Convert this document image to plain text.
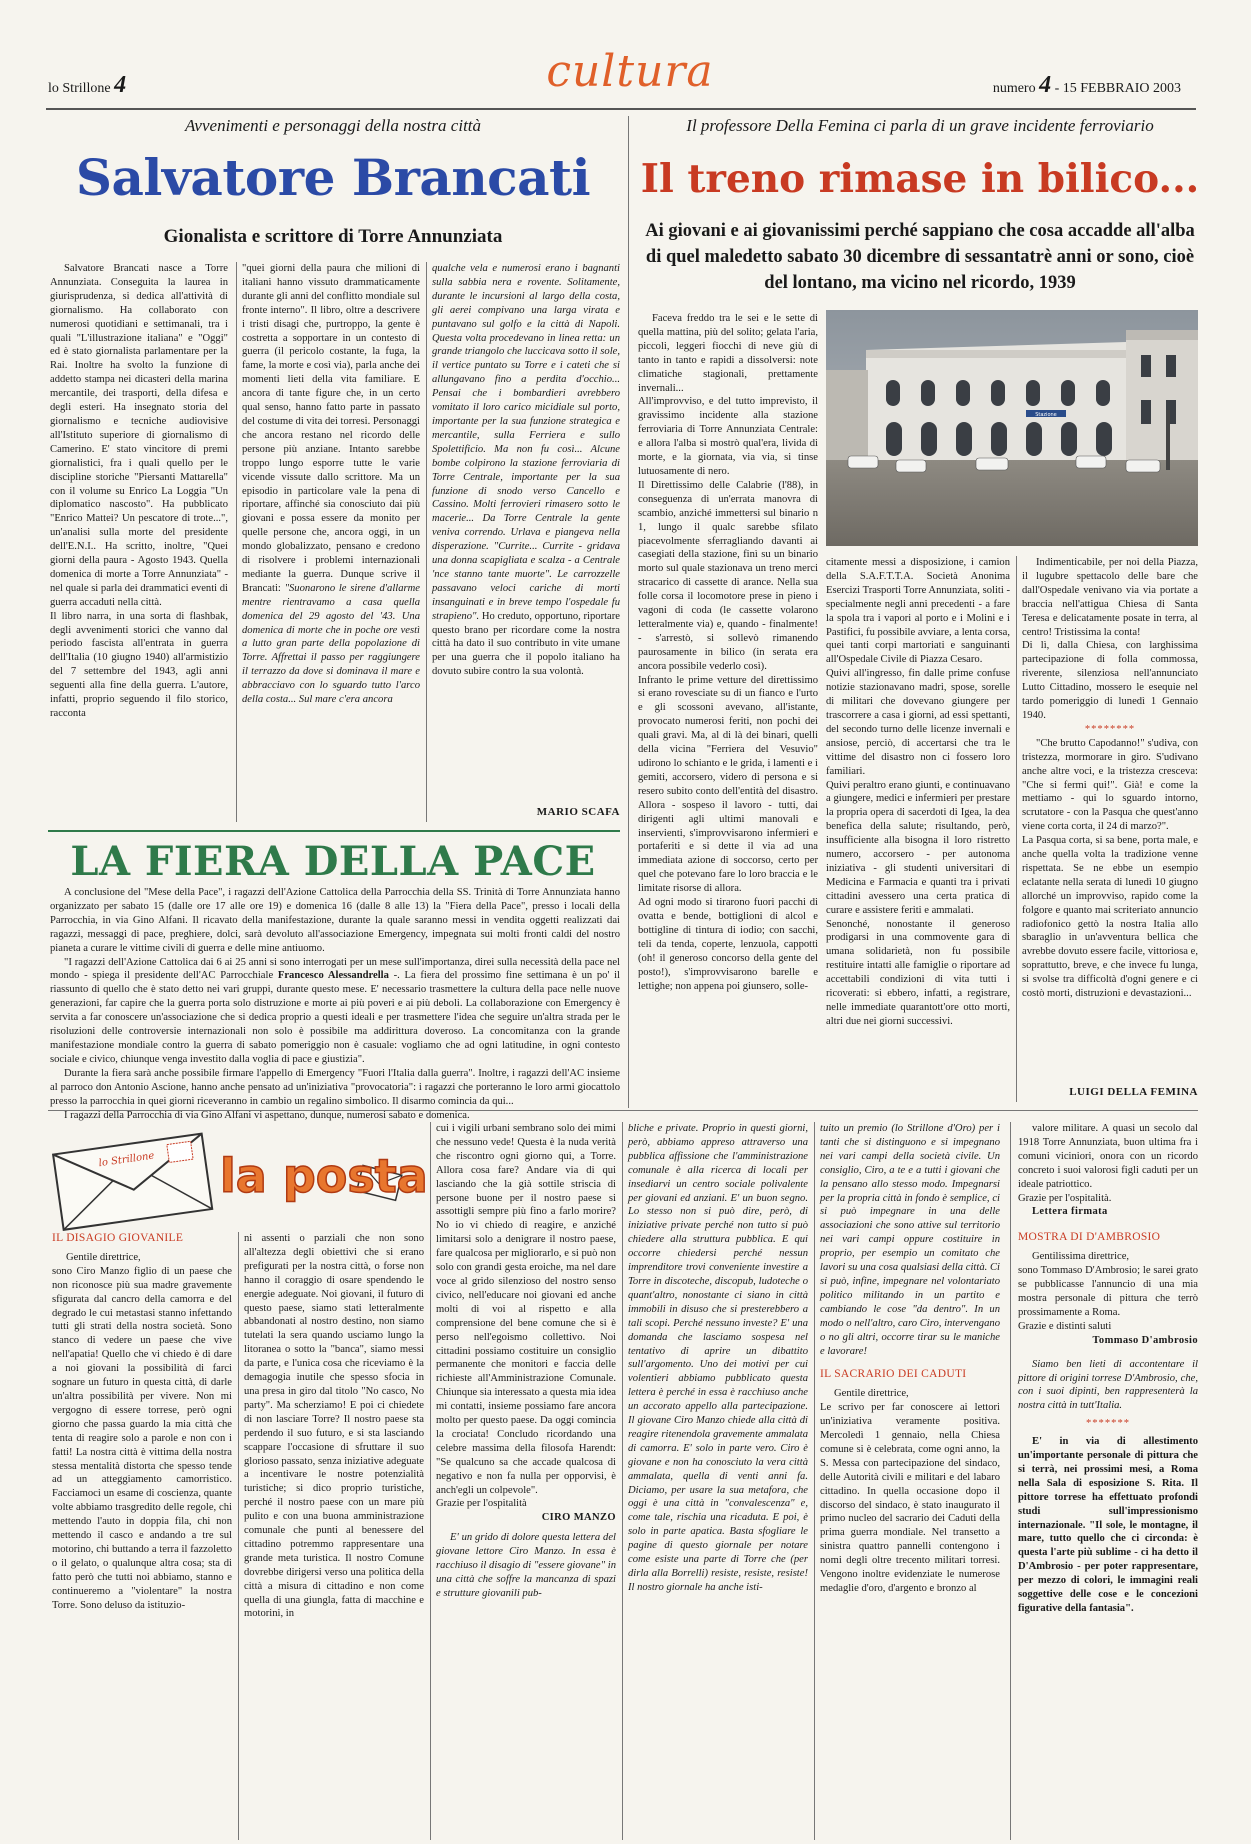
lo Strillone 4	cultura	numero 4 - 15 FEBBRAIO 2003
Avvenimenti e personaggi della nostra città
Salvatore Brancati
Gionalista e scrittore di Torre Annunziata
Salvatore Brancati nasce a Torre Annunziata. Conseguita la laurea in giurisprudenza, si dedica all'attività di giornalismo. Ha collaborato con numerosi quotidiani e settimanali, tra i quali "L'illustrazione italiana" e "Oggi" ed è stato giornalista parlamentare per la Rai. Inoltre ha svolto la funzione di addetto stampa nei dicasteri della marina mercantile, dei trasporti, della difesa e degli esteri. Ha insegnato storia del giornalismo e tecniche audiovisive all'Istituto superiore di giornalismo di Camerino. E' stato vincitore di premi giornalistici, fra i quali quello per le discipline storiche "Piersanti Mattarella" con il volume su Enrico La Loggia "Un diplomatico nascosto". Ha pubblicato "Enrico Mattei? Un pescatore di trote...", un'analisi sulla morte del presidente dell'E.N.I.. Ha scritto, inoltre, "Quei giorni della paura - Agosto 1943. Quella domenica di morte a Torre Annunziata" - nel quale si parla dei drammatici eventi di guerra accaduti nella città.
Il libro narra, in una sorta di flashbak, degli avvenimenti storici che vanno dal periodo fascista all'entrata in guerra dell'Italia (10 giugno 1940) all'armistizio del 7 settembre del 1943, agli anni seguenti alla fine della guerra. L'autore, infatti, proprio seguendo il filo storico, racconta
"quei giorni della paura che milioni di italiani hanno vissuto drammaticamente durante gli anni del conflitto mondiale sul fronte interno". Il libro, oltre a descrivere i tristi disagi che, purtroppo, la gente è costretta a sopportare in un contesto di guerra (il pericolo costante, la fuga, la fame, la morte e così via), parla anche dei momenti lieti della vita familiare. E ancora di tante figure che, in un certo qual senso, hanno fatto parte in passato del costume di vita dei torresi. Personaggi che ancora restano nel ricordo delle persone più anziane. Intanto sarebbe troppo lungo esporre tutte le varie vicende vissute dallo scrittore. Ma un episodio in particolare vale la pena di riportare, affinché sia conosciuto dai più giovani e possa essere da monito per quelle persone che, ancora oggi, in un mondo globalizzato, pensano e credono di risolvere i problemi internazionali mediante la guerra. Dunque scrive il Brancati: "Suonarono le sirene d'allarme mentre rientravamo a casa quella domenica del 29 agosto del '43. Una domenica di morte che in poche ore vestì a lutto gran parte della popolazione di Torre. Affrettai il passo per raggiungere il terrazzo da dove si dominava il mare e abbracciavo con lo sguardo tutto l'arco della costa... Sul mare c'era ancora
qualche vela e numerosi erano i bagnanti sulla sabbia nera e rovente. Solitamente, durante le incursioni al largo della costa, gli aerei compivano una larga virata e puntavano sul golfo e la città di Napoli. Questa volta procedevano in linea retta: un grande triangolo che luccicava sotto il sole, il vertice puntato su Torre e i cateti che si allungavano fino a perdita d'occhio... Pensai che i bombardieri avrebbero vomitato il loro carico micidiale sul porto, importante per la sua funzione strategica e mercantile, sulla Ferriera e sullo Spolettificio. Ma non fu così... Alcune bombe colpirono la stazione ferroviaria di Torre Centrale, importante per la sua funzione di snodo verso Cancello e Cassino. Molti ferrovieri rimasero sotto le macerie... Da Torre Centrale la gente veniva correndo. Urlava e piangeva nella disperazione. "Currite... Currite - gridava una donna scapigliata e scalza - a Centrale 'nce stanno tante muorte". Le carrozzelle passavano veloci cariche di morti insanguinati e in breve tempo l'ospedale fu strapieno". Ho creduto, opportuno, riportare questo brano per ricordare come la nostra città ha dato il suo contributo in vite umane per una guerra che il popolo italiano ha dovuto subire contro la sua volontà.
MARIO SCAFA
LA FIERA DELLA PACE
A conclusione del "Mese della Pace", i ragazzi dell'Azione Cattolica della Parrocchia della SS. Trinità di Torre Annunziata hanno organizzato per sabato 15 (dalle ore 17 alle ore 19) e domenica 16 (dalle 8 alle 13) la "Fiera della Pace", presso i locali della Parrocchia, in via Gino Alfani. Il ricavato della manifestazione, durante la quale saranno messi in vendita oggetti realizzati dai ragazzi, messaggi di pace, preghiere, dolci, sarà devoluto all'associazione Emergency, impegnata sui molti fronti caldi del nostro pianeta a curare le vittime civili di guerra e delle mine antiuomo.
"I ragazzi dell'Azione Cattolica dai 6 ai 25 anni si sono interrogati per un mese sull'importanza, direi sulla necessità della pace nel mondo - spiega il presidente dell'AC Parrocchiale Francesco Alessandrella -. La fiera del prossimo fine settimana è un po' il riassunto di quello che è stato detto nei vari gruppi, durante questo mese. E' necessario trasmettere la cultura della pace nelle nuove generazioni, far capire che la guerra porta solo distruzione e morte ai più poveri e ai più deboli. La collaborazione con Emergency è servita a far conoscere un'associazione che si dedica proprio a questi ideali e per trasmettere l'idea che seguire un'altra strada per le risoluzioni delle controversie internazionali non solo è possibile ma addirittura doveroso. La concomitanza con la grande manifestazione mondiale contro la guerra di sabato pomeriggio non è casuale: vogliamo che ad ogni latitudine, in ogni contesto sociale e civico, chiunque venga investito dalla voglia di pace e giustizia".
Durante la fiera sarà anche possibile firmare l'appello di Emergency "Fuori l'Italia dalla guerra". Inoltre, i ragazzi dell'AC insieme al parroco don Antonio Ascione, hanno anche pensato ad un'iniziativa "provocatoria": i ragazzi che porteranno le loro armi giocattolo presso la parrocchia in quei giorni riceveranno in cambio un regalino simbolico. Il disarmo comincia da qui...
I ragazzi della Parrocchia di via Gino Alfani vi aspettano, dunque, numerosi sabato e domenica.
Il professore Della Femina ci parla di un grave incidente ferroviario
Il treno rimase in bilico...
Ai giovani e ai giovanissimi perché sappiano che cosa accadde all'alba di quel maledetto sabato 30 dicembre di sessantatrè anni or sono, cioè del lontano, ma vicino nel ricordo, 1939
Stazione
Faceva freddo tra le sei e le sette di quella mattina, più del solito; gelata l'aria, piccoli, leggeri fiocchi di neve giù di tanto in tanto e rapidi a dissolversi: note climatiche stagionali, prettamente invernali...
All'improvviso, e del tutto imprevisto, il gravissimo incidente alla stazione ferroviaria di Torre Annunziata Centrale: e allora l'alba si mostrò qual'era, livida di morte, e la giornata, via via, si tinse lutuosamente di nero.
Il Direttissimo delle Calabrie (l'88), in conseguenza di un'errata manovra di scambio, anziché immettersi sul binario n 1, lungo il qualc sarebbe sfilato piacevolmente sferragliando davanti ai casegiati della stazione, finì su un binario morto sul quale stazionava un treno merci stracarico di cassette di arance. Nella sua folle corsa il locomotore prese in pieno i vagoni di coda (le cassette volarono letteralmente via) e, quando - finalmente! - s'arrestò, si sollevò rimanendo paurosamente in bilico (in serata era ancora possibile vederlo così).
Infranto le prime vetture del direttissimo si erano rovesciate su di un fianco e l'urto e gli scossoni avevano, all'istante, provocato numerosi feriti, non pochi dei quali gravi. Ma, al di là dei binari, quelli della vicina "Ferriera del Vesuvio" udirono lo schianto e le grida, i lamenti e i gemiti, accorsero, videro di persona e si resero subito conto dell'entità del disastro. Allora - sospeso il lavoro - tutti, dai dirigenti agli ultimi manovali e inservienti, s'improvvisarono infermieri e portaferiti e si dette il via ad una immediata azione di soccorso, certo per quel che potevano fare lo loro braccia e le limitate risorse di allora.
Ad ogni modo si tirarono fuori pacchi di ovatta e bende, bottiglioni di alcol e bottigline di tintura di iodio; con sacchi, teli da tenda, coperte, lenzuola, cappotti (oh! il generoso concorso della gente del posto!), s'improvvisarono barelle e lettighe; non appena poi giunsero, solle-
citamente messi a disposizione, i camion della S.A.F.T.T.A. Società Anonima Esercizi Trasporti Torre Annunziata, soliti - specialmente negli anni precedenti - a fare la spola tra i vapori al porto e i Molini e i Pastifici, fu possibile avviare, a lenta corsa, quei tanti corpi martoriati e sanguinanti all'Ospedale Civile di Piazza Cesaro.
Quivi all'ingresso, fin dalle prime confuse notizie stazionavano madri, spose, sorelle di militari che dovevano giungere per trascorrere a casa i giorni, ad essi spettanti, del secondo turno delle licenze invernali e ansiose, perciò, di accertarsi che tra le vittime del disastro non ci fossero loro familiari.
Quivi peraltro erano giunti, e continuavano a giungere, medici e infermieri per prestare la propria opera di sacerdoti di Igea, la dea benefica della salute; risultando, però, insufficiente alla bisogna il loro ristretto numero, accorsero - per autonoma iniziativa - gli studenti universitari di Medicina e Farmacia e quanti tra i privati cittadini avessero una certa pratica di curare e assistere feriti e ammalati.
Senonché, nonostante il generoso prodigarsi in una commovente gara di umana solidarietà, non fu possibile restituire intatti alle famiglie o riportare ad accettabili condizioni di vita tutti i ricoverati: si ebbero, infatti, a registrare, nelle immediate quarantott'ore otto morti, altri due nei giorni successivi.
Indimenticabile, per noi della Piazza, il lugubre spettacolo delle bare che dall'Ospedale venivano via via portate a braccia nell'attigua Chiesa di Santa Teresa e delicatamente posate in terra, al centro! Tristissima la conta!
Di lì, dalla Chiesa, con larghissima partecipazione di folla commossa, riverente, silenziosa nell'annunciato Lutto Cittadino, mossero le esequie nel tardo pomeriggio di lunedì 1 Gennaio 1940.
********
"Che brutto Capodanno!" s'udiva, con tristezza, mormorare in giro. S'udivano anche altre voci, e la tristezza cresceva: "Che si fermi qui!". Già! e come la mettiamo - qui lo sguardo intorno, scrutatore - con la Pasqua che quest'anno viene corta corta, il 24 di marzo?".
La Pasqua corta, si sa bene, porta male, e anche quella volta la tradizione venne rispettata. Se ne ebbe un esempio eclatante nella serata di lunedì 10 giugno allorché un improvviso, rapido come la folgore e quanto mai scriteriato annuncio radiofonico gettò la nostra Italia allo sbaraglio in un'avventura bellica che avrebbe dovuto essere facile, vittoriosa e, soprattutto, breve, e che invece fu lunga, si svolse tra difficoltà d'ogni genere e ci costò morti, distruzioni e devastazioni...
LUIGI DELLA FEMINA
lo Strillone la posta
IL DISAGIO GIOVANILE
Gentile direttrice,
sono Ciro Manzo figlio di un paese che non riconosce più sua madre gravemente sfigurata dal cancro della camorra e del degrado le cui metastasi stanno infettando tutti gli strati della nostra società. Sono stanco di vedere un paese che vive nell'apatia! Quello che vi chiedo è di dare a noi giovani la possibilità di farci sognare un futuro in questa città, di darle un'altra possibilità per vivere. Non mi vergogno di essere torrese, però ogni giorno che passa guardo la mia città che tenta di reagire solo a parole e non con i fatti! La nostra città è vittima della nostra stessa mentalità distorta che spesso tende ad un atteggiamento camorristico. Facciamoci un esame di coscienza, quante volte abbiamo trasgredito delle regole, chi mettendo l'auto in doppia fila, chi non mettendo il casco e andando a tre sul motorino, chi buttando a terra il fazzoletto o il gelato, o qualunque altra cosa; sta di fatto però che tutti noi abbiamo, stanno e continueremo a "violentare" la nostra Torre. Sono deluso da istituzio-
ni assenti o parziali che non sono all'altezza degli obiettivi che si erano prefigurati per la nostra città, o forse non hanno il coraggio di osare spendendo le energie adeguate. Noi giovani, il futuro di questo paese, siamo stati letteralmente abbandonati al nostro destino, non siamo tutelati la sera quando usciamo lungo la litoranea o sotto la "banca", siamo messi da parte, e l'unica cosa che riceviamo è la demagogia inutile che spesso sfocia in una presa in giro dal titolo "No casco, No party". Ma scherziamo! E poi ci chiedete di non lasciare Torre? Il nostro paese sta perdendo il suo futuro, e si sta lasciando scappare l'occasione di sfruttare il suo glorioso passato, senza iniziative adeguate a incentivare le nostre potenzialità turistiche; si dico proprio turistiche, perché il nostro paese con un mare più pulito e con una buona amministrazione comunale che punti al benessere del cittadino potremmo rappresentare una grande meta turistica. Il nostro Comune dovrebbe dirigersi verso una politica della città a misura di cittadino e non come quella di una giungla, fatta di macchine e motorini, in
cui i vigili urbani sembrano solo dei mimi che nessuno vede! Questa è la nuda verità che riscontro ogni giorno qui, a Torre. Allora cosa fare? Andare via di qui lasciando che la già sottile striscia di persone buone per il nostro paese si assottigli sempre più fino a farlo morire? No io vi chiedo di reagire, e anziché limitarsi solo a denigrare il nostro paese, fare qualcosa per migliorarlo, e si può non solo con grandi gesta eroiche, ma nel dare voce al grido silenzioso del nostro senso civico, nell'educare noi giovani ed anche molti di voi al rispetto e alla comprensione del bene comune che si è perso nell'egoismo collettivo. Noi cittadini possiamo costituire un consiglio permanente che monitori e faccia delle richieste all'Amministrazione Comunale. Chiunque sia interessato a questa mia idea mi contatti, insieme possiamo fare ancora molto per questo paese. Da oggi comincia la crociata! Concludo ricordando una celebre massima della filosofa Harendt: "Se qualcuno sa che accade qualcosa di negativo e non fa nulla per opporvisi, è anch'egli un colpevole".
Grazie per l'ospitalità
CIRO MANZO
E' un grido di dolore questa lettera del giovane lettore Ciro Manzo. In essa è racchiuso il disagio di "essere giovane" in una città che soffre la mancanza di spazi e strutture giovanili pub-
bliche e private. Proprio in questi giorni, però, abbiamo appreso attraverso una pubblica affissione che l'amministrazione comunale è alla ricerca di locali per insediarvi un centro sociale polivalente per giovani ed anziani. E' un buon segno. Lo stesso non si può dire, però, di iniziative private perché non tutto si può chiedere alla struttura pubblica. E qui occorre chiedersi perché nessun imprenditore trovi conveniente investire a Torre in discoteche, discopub, ludoteche o quant'altro, nonostante ci siano in città immobili in disuso che si presterebbero a tali scopi. Perché nessuno investe? E' una domanda che lasciamo sospesa nel tentativo di aprire un dibattito sull'argomento. Uno dei motivi per cui volentieri abbiamo pubblicato questa lettera è perché in essa è racchiuso anche un accorato appello alla partecipazione. Il giovane Ciro Manzo chiede alla città di reagire ritenendola gravemente ammalata di camorra. E' solo in parte vero. Ciro è giovane e non ha conosciuto la vera città ammalata, quella di venti anni fa. Diciamo, per usare la sua metafora, che oggi è una città in "convalescenza" e, come tale, rischia una ricaduta. E poi, è solo in parte apatica. Basta sfogliare le pagine di questo giornale per notare come esiste una parte di Torre che (per dirla alla Borrelli) resiste, resiste, resiste! Il nostro giornale ha anche isti-
tuito un premio (lo Strillone d'Oro) per i tanti che si distinguono e si impegnano nei vari campi della società civile. Un consiglio, Ciro, a te e a tutti i giovani che la pensano allo stesso modo. Impegnarsi per la propria città in fondo è semplice, ci si può impegnare in una delle associazioni che sono attive sul territorio nei vari campi oppure costituire in proprio, per esempio un comitato che lavori su una cosa qualsiasi della città. Ci si può, infine, impegnare nel volontariato politico militando in un partito e cambiando le cose "da dentro". In un modo o nell'altro, caro Ciro, intervengano o no gli altri, occorre tirar su le maniche e lavorare!
IL SACRARIO DEI CADUTI
Gentile direttrice,
Le scrivo per far conoscere ai lettori un'iniziativa veramente positiva. Mercoledì 1 gennaio, nella Chiesa comune si è celebrata, come ogni anno, la S. Messa con partecipazione del sindaco, delle Autorità civili e militari e del labaro cittadino. In quella occasione dopo il discorso del sindaco, è stato inaugurato il primo nucleo del sacrario dei Caduti della prima guerra mondiale. Nel transetto a sinistra quattro pannelli contengono i nomi degli oltre trecento militari torresi. Vengono inoltre evidenziate le numerose medaglie d'oro, d'argento e bronzo al
valore militare. A quasi un secolo dal 1918 Torre Annunziata, buon ultima fra i comuni viciniori, onora con un ricordo concreto i suoi valorosi figli caduti per un ideale patriottico.
Grazie per l'ospitalità.
Lettera firmata
MOSTRA DI D'AMBROSIO
Gentilissima direttrice,
sono Tommaso D'Ambrosio; le sarei grato se pubblicasse l'annuncio di una mia mostra personale di pittura che terrò prossimamente a Roma.
Grazie e distinti saluti
Tommaso D'ambrosio
Siamo ben lieti di accontentare il pittore di origini torrese D'Ambrosio, che, con i suoi dipinti, ben rappresenterà la nostra città in tutt'Italia.
*******
E' in via di allestimento un'importante personale di pittura che si terrà, nei prossimi mesi, a Roma nella Sala di esposizione S. Rita. Il pittore torrese ha effettuato profondi studi sull'impressionismo internazionale. "Il sole, le montagne, il mare, tutto quello che ci circonda: è questa l'arte più sublime - ci ha detto il D'Ambrosio - per poter rappresentare, per mezzo di colori, le immagini reali soggettive delle cose e le concezioni figurative della fantasia".
